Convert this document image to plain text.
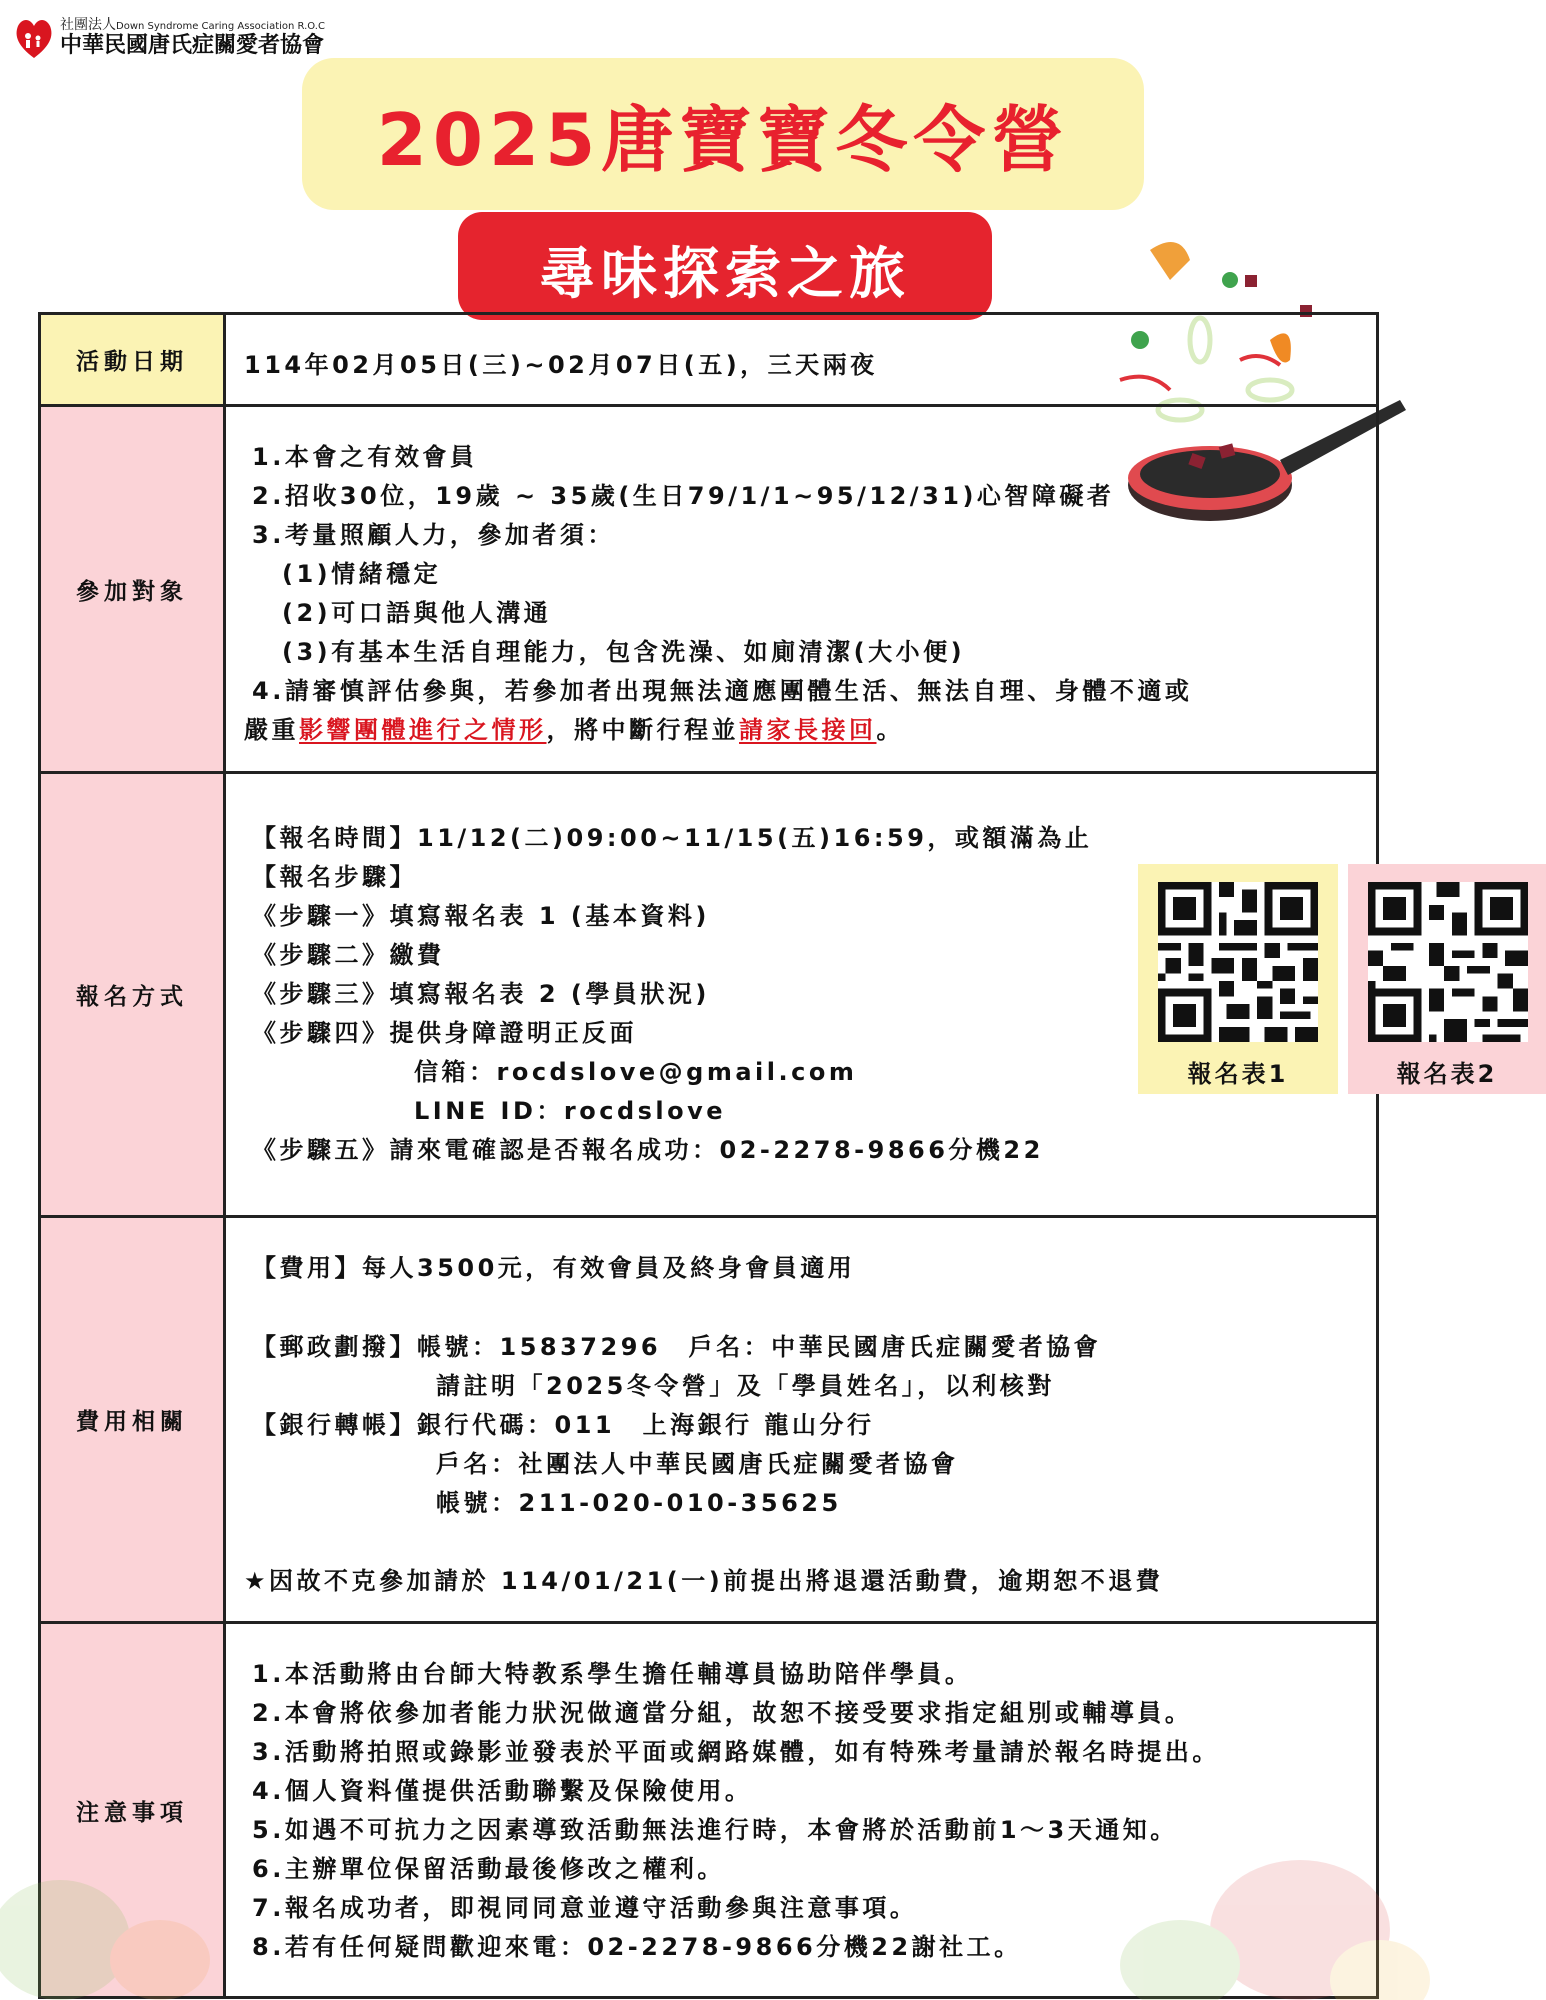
社團法人Down Syndrome Caring Association R.O.C
中華民國唐氏症關愛者協會
2025唐寶寶冬令營
尋味探索之旅
活動日期	114年02月05日(三)~02月07日(五)，三天兩夜
參加對象
1.本會之有效會員
2.招收30位，19歲 ~ 35歲(生日79/1/1~95/12/31)心智障礙者
3.考量照顧人力，參加者須：
(1)情緒穩定
(2)可口語與他人溝通
(3)有基本生活自理能力，包含洗澡、如廁清潔(大小便)
4.請審慎評估參與，若參加者出現無法適應團體生活、無法自理、身體不適或
嚴重影響團體進行之情形，將中斷行程並請家長接回。
報名方式
【報名時間】11/12(二)09:00~11/15(五)16:59，或額滿為止
【報名步驟】
《步驟一》填寫報名表 1 (基本資料)
《步驟二》繳費
《步驟三》填寫報名表 2 (學員狀況)
《步驟四》提供身障證明正反面
信箱：rocdslove@gmail.com
LINE ID：rocdslove
《步驟五》請來電確認是否報名成功：02-2278-9866分機22
報名表1	報名表2
費用相關
【費用】每人3500元，有效會員及終身會員適用
【郵政劃撥】帳號：15837296　戶名：中華民國唐氏症關愛者協會
請註明「2025冬令營」及「學員姓名」，以利核對
【銀行轉帳】銀行代碼：011　上海銀行 龍山分行
戶名：社團法人中華民國唐氏症關愛者協會
帳號：211-020-010-35625
★因故不克參加請於 114/01/21(一)前提出將退還活動費，逾期恕不退費
注意事項
1.本活動將由台師大特教系學生擔任輔導員協助陪伴學員。
2.本會將依參加者能力狀況做適當分組，故恕不接受要求指定組別或輔導員。
3.活動將拍照或錄影並發表於平面或網路媒體，如有特殊考量請於報名時提出。
4.個人資料僅提供活動聯繫及保險使用。
5.如遇不可抗力之因素導致活動無法進行時，本會將於活動前1～3天通知。
6.主辦單位保留活動最後修改之權利。
7.報名成功者，即視同同意並遵守活動參與注意事項。
8.若有任何疑問歡迎來電：02-2278-9866分機22謝社工。
